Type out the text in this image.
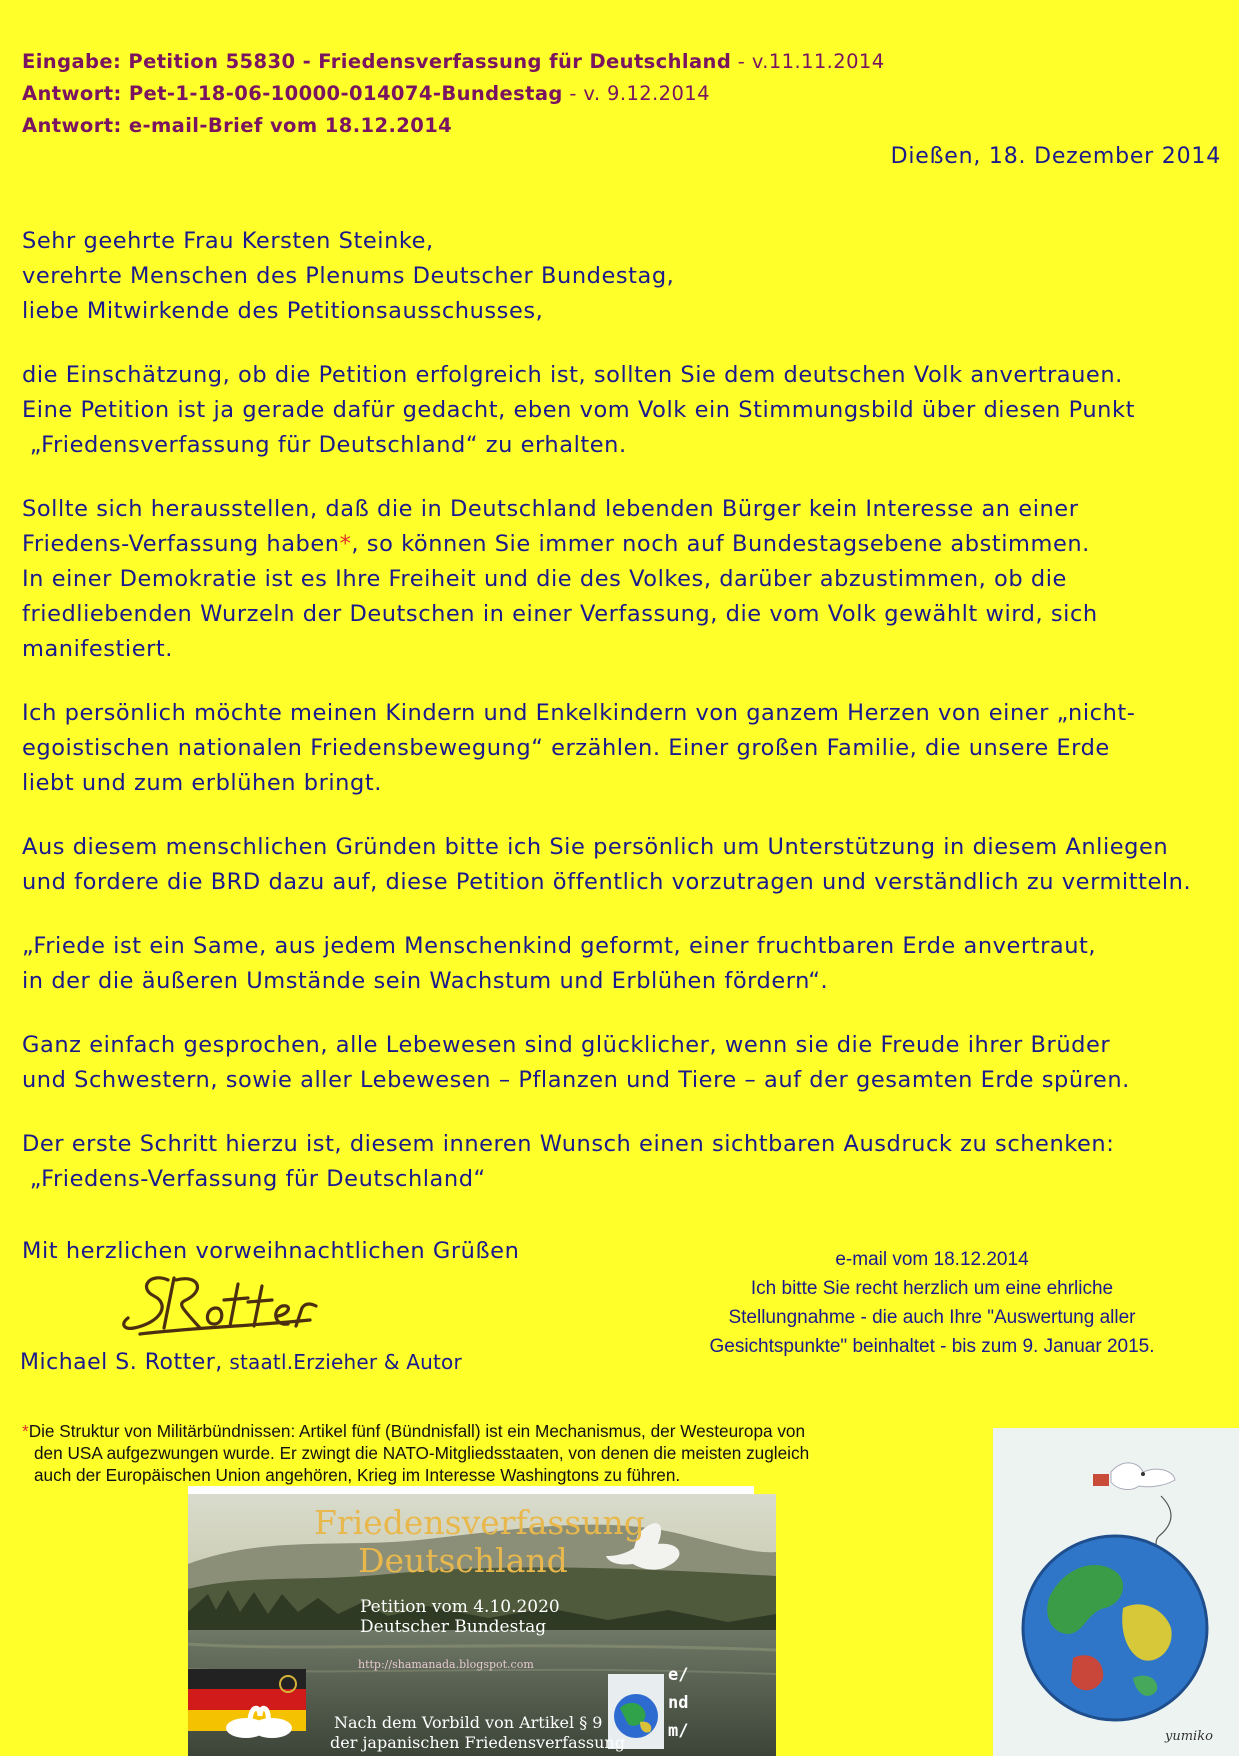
Eingabe: Petition 55830 - Friedensverfassung für Deutschland - v.11.11.2014
Antwort: Pet-1-18-06-10000-014074-Bundestag - v. 9.12.2014
Antwort: e-mail-Brief vom 18.12.2014
Dießen, 18. Dezember 2014

Sehr geehrte Frau Kersten Steinke,
verehrte Menschen des Plenums Deutscher Bundestag,
liebe Mitwirkende des Petitionsausschusses,

die Einschätzung, ob die Petition erfolgreich ist, sollten Sie dem deutschen Volk anvertrauen.
Eine Petition ist ja gerade dafür gedacht, eben vom Volk ein Stimmungsbild über diesen Punkt
„Friedensverfassung für Deutschland“ zu erhalten.

Sollte sich herausstellen, daß die in Deutschland lebenden Bürger kein Interesse an einer
Friedens-Verfassung haben*, so können Sie immer noch auf Bundestagsebene abstimmen.
In einer Demokratie ist es Ihre Freiheit und die des Volkes, darüber abzustimmen, ob die
friedliebenden Wurzeln der Deutschen in einer Verfassung, die vom Volk gewählt wird, sich
manifestiert.

Ich persönlich möchte meinen Kindern und Enkelkindern von ganzem Herzen von einer „nicht-
egoistischen nationalen Friedensbewegung“ erzählen. Einer großen Familie, die unsere Erde
liebt und zum erblühen bringt.

Aus diesem menschlichen Gründen bitte ich Sie persönlich um Unterstützung in diesem Anliegen
und fordere die BRD dazu auf, diese Petition öffentlich vorzutragen und verständlich zu vermitteln.

„Friede ist ein Same, aus jedem Menschenkind geformt, einer fruchtbaren Erde anvertraut,
in der die äußeren Umstände sein Wachstum und Erblühen fördern“.

Ganz einfach gesprochen, alle Lebewesen sind glücklicher, wenn sie die Freude ihrer Brüder
und Schwestern, sowie aller Lebewesen – Pflanzen und Tiere – auf der gesamten Erde spüren.

Der erste Schritt hierzu ist, diesem inneren Wunsch einen sichtbaren Ausdruck zu schenken:
„Friedens-Verfassung für Deutschland“

Mit herzlichen vorweihnachtlichen Grüßen
Michael S. Rotter, staatl.Erzieher & Autor
e-mail vom 18.12.2014
Ich bitte Sie recht herzlich um eine ehrliche
Stellungnahme - die auch Ihre "Auswertung aller
Gesichtspunkte" beinhaltet - bis zum 9. Januar 2015.
*Die Struktur von Militärbündnissen: Artikel fünf (Bündnisfall) ist ein Mechanismus, der Westeuropa von
den USA aufgezwungen wurde. Er zwingt die NATO-Mitgliedsstaaten, von denen die meisten zugleich
auch der Europäischen Union angehören, Krieg im Interesse Washingtons zu führen.
Friedensverfassung
Deutschland
Petition vom 4.10.2020
Deutscher Bundestag
http://shamanada.blogspot.com
Nach dem Vorbild von Artikel § 9
der japanischen Friedensverfassung
e/
nd
m/	yumiko
